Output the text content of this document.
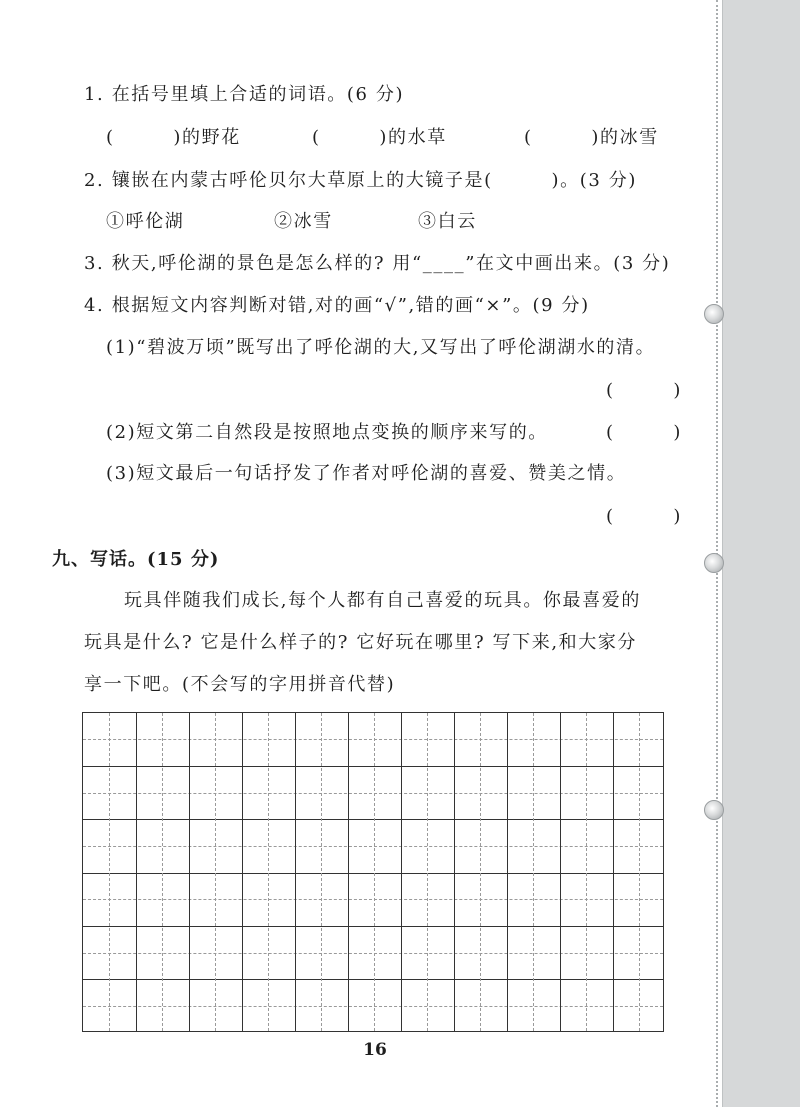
1. 在括号里填上合适的词语。(6 分)
(　　　)的野花	(　　　)的水草	(　　　)的冰雪
2. 镶嵌在内蒙古呼伦贝尔大草原上的大镜子是(　　　)。(3 分)
①呼伦湖	②冰雪	③白云
3. 秋天,呼伦湖的景色是怎么样的? 用“____”在文中画出来。(3 分)
4. 根据短文内容判断对错,对的画“√”,错的画“×”。(9 分)
(1)“碧波万顷”既写出了呼伦湖的大,又写出了呼伦湖湖水的清。
(　　　)
(2)短文第二自然段是按照地点变换的顺序来写的。	(　　　)
(3)短文最后一句话抒发了作者对呼伦湖的喜爱、赞美之情。
(　　　)
九、写话。(15 分)
玩具伴随我们成长,每个人都有自己喜爱的玩具。你最喜爱的
玩具是什么? 它是什么样子的? 它好玩在哪里? 写下来,和大家分
享一下吧。(不会写的字用拼音代替)
16
